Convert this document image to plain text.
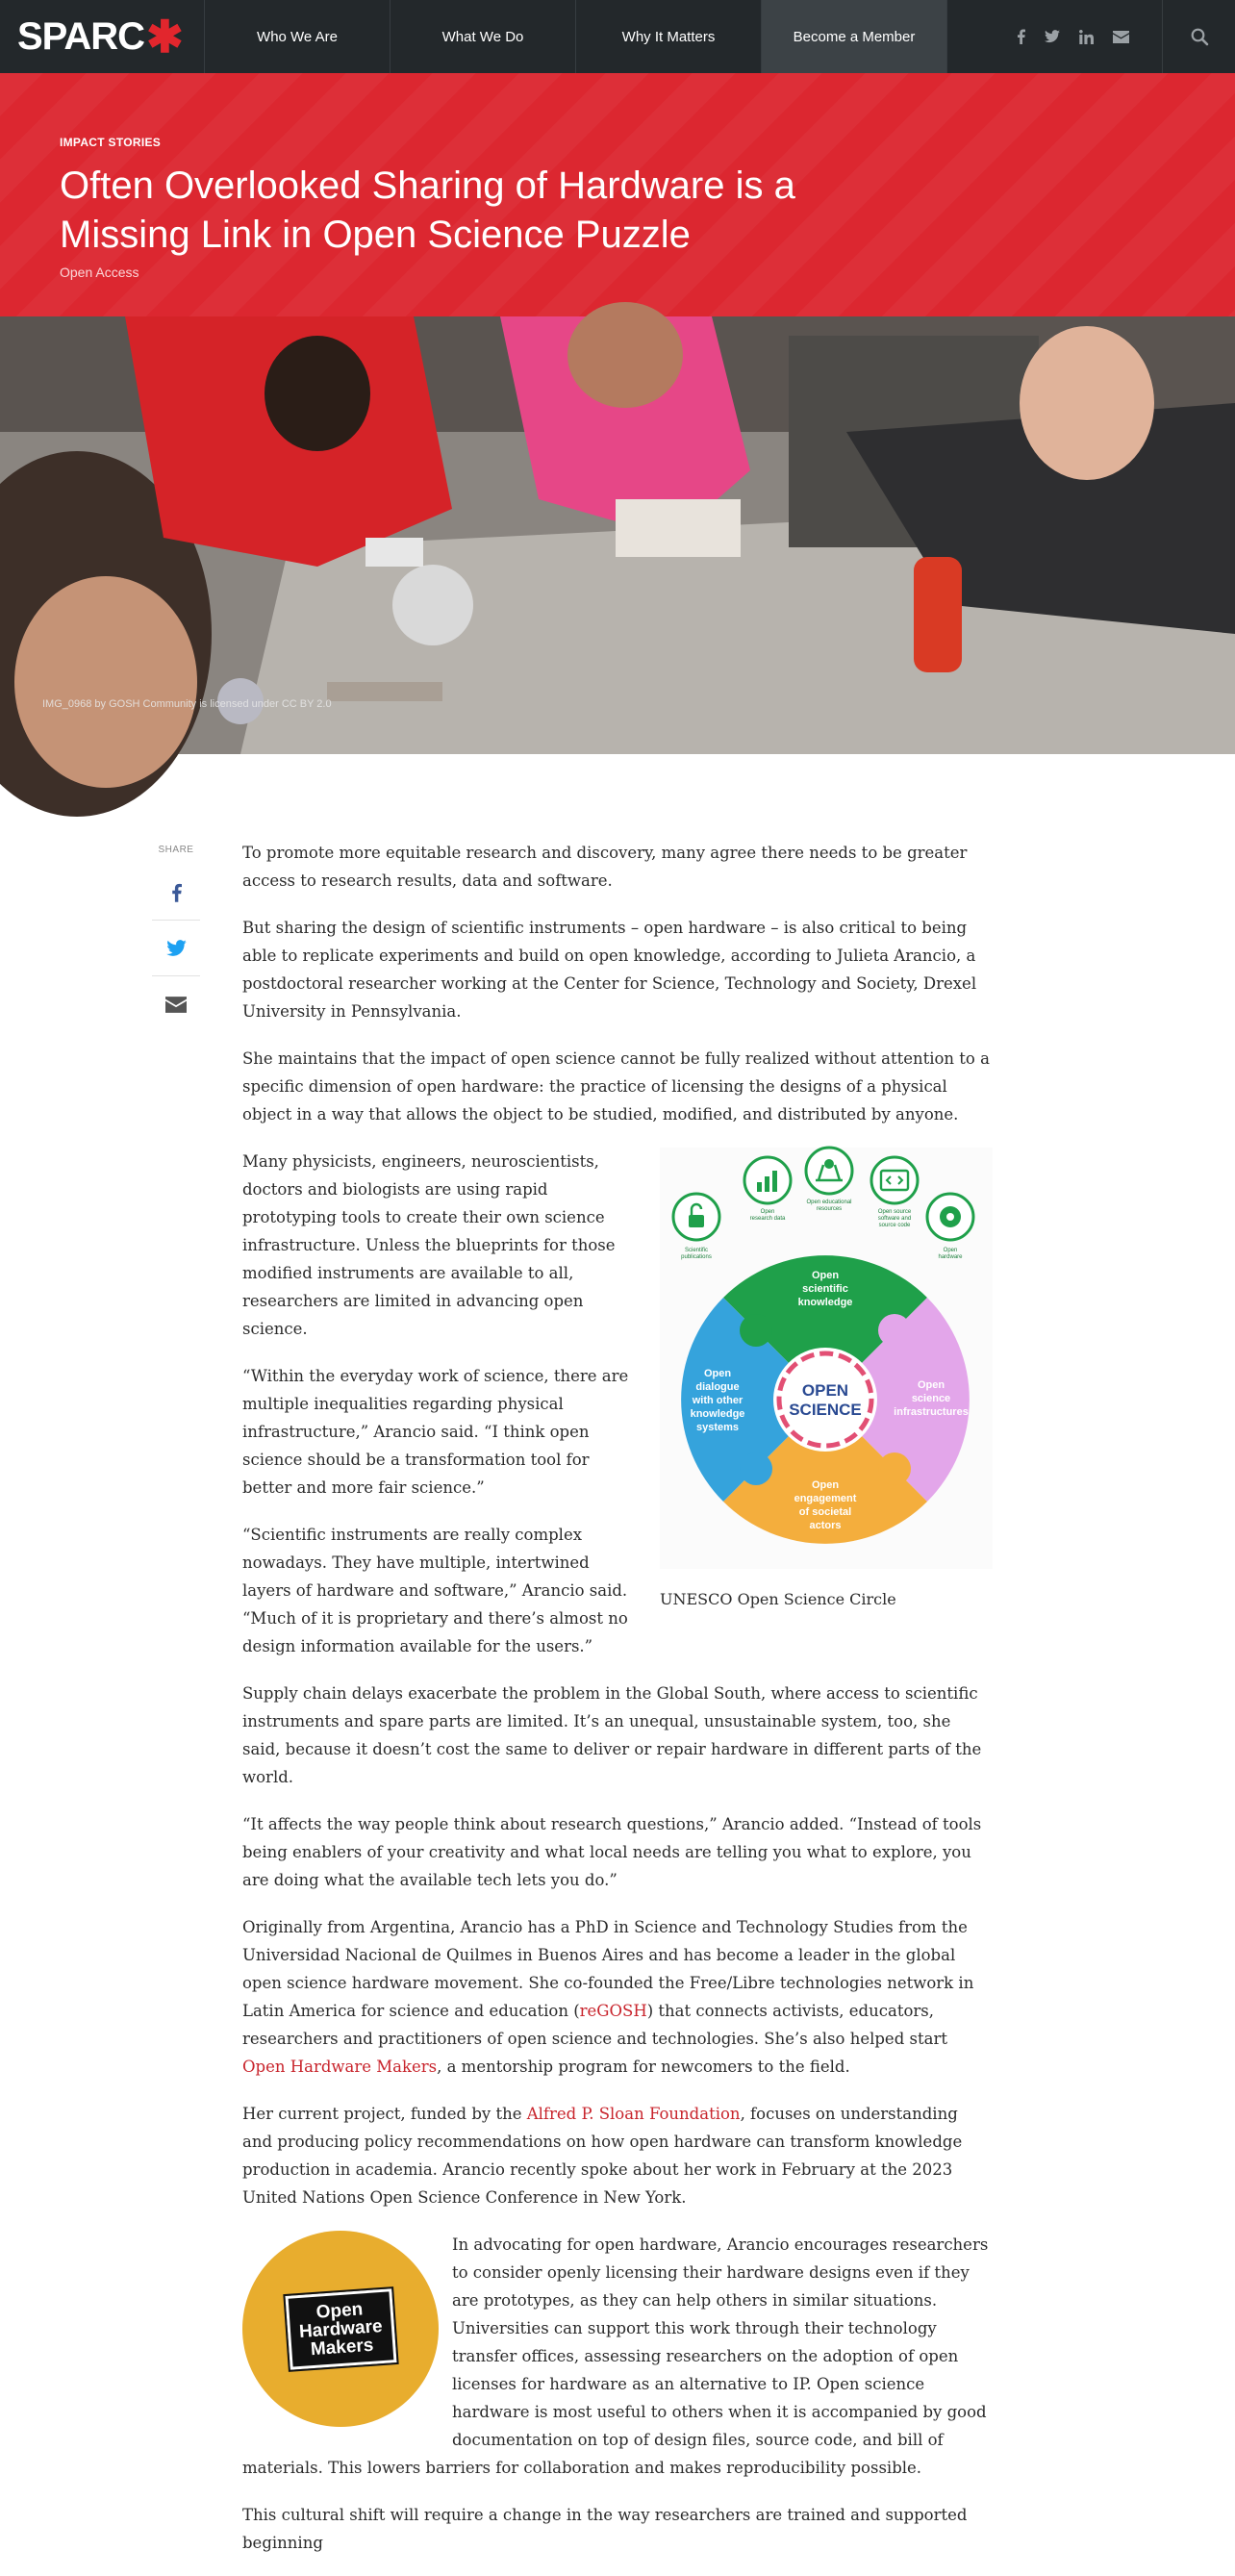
SPARC ✱	Who We Are	What We Do	Why It Matters	Become a Member
IMPACT STORIES
Often Overlooked Sharing of Hardware is a Missing Link in Open Science Puzzle
Open Access
IMG_0968 by GOSH Community is licensed under CC BY 2.0
SHARE	To promote more equitable research and discovery, many agree there needs to be greater access to research results, data and software.

But sharing the design of scientific instruments – open hardware – is also critical to being able to replicate experiments and build on open knowledge, according to Julieta Arancio, a postdoctoral researcher working at the Center for Science, Technology and Society, Drexel University in Pennsylvania.

She maintains that the impact of open science cannot be fully realized without attention to a specific dimension of open hardware: the practice of licensing the designs of a physical object in a way that allows the object to be studied, modified, and distributed by anyone.

Scientific
publications
Open
research data
Open educational
resources	Open source
software and
source code
Open
hardware
Open
scientific
knowledge
Open
science
infrastructures
Open
engagement
of societal
actors
Open
dialogue
with other
knowledge
systems
OPEN
SCIENCE
UNESCO Open Science Circle

Many physicists, engineers, neuroscientists, doctors and biologists are using rapid prototyping tools to create their own science infrastructure. Unless the blueprints for those modified instruments are available to all, researchers are limited in advancing open science.

“Within the everyday work of science, there are multiple inequalities regarding physical infrastructure,” Arancio said. “I think open science should be a transformation tool for better and more fair science.”

“Scientific instruments are really complex nowadays. They have multiple, intertwined layers of hardware and software,” Arancio said. “Much of it is proprietary and there’s almost no design information available for the users.”

Supply chain delays exacerbate the problem in the Global South, where access to scientific instruments and spare parts are limited. It’s an unequal, unsustainable system, too, she said, because it doesn’t cost the same to deliver or repair hardware in different parts of the world.

“It affects the way people think about research questions,” Arancio added. “Instead of tools being enablers of your creativity and what local needs are telling you what to explore, you are doing what the available tech lets you do.”

Originally from Argentina, Arancio has a PhD in Science and Technology Studies from the Universidad Nacional de Quilmes in Buenos Aires and has become a leader in the global open science hardware movement. She co-founded the Free/Libre technologies network in Latin America for science and education (reGOSH) that connects activists, educators, researchers and practitioners of open science and technologies. She’s also helped start Open Hardware Makers, a mentorship program for newcomers to the field.

Her current project, funded by the Alfred P. Sloan Foundation, focuses on understanding and producing policy recommendations on how open hardware can transform knowledge production in academia. Arancio recently spoke about her work in February at the 2023 United Nations Open Science Conference in New York.

Open
Hardware
Makers

In advocating for open hardware, Arancio encourages researchers to consider openly licensing their hardware designs even if they are prototypes, as they can help others in similar situations. Universities can support this work through their technology transfer offices, assessing researchers on the adoption of open licenses for hardware as an alternative to IP. Open science hardware is most useful to others when it is accompanied by good documentation on top of design files, source code, and bill of materials. This lowers barriers for collaboration and makes reproducibility possible.

This cultural shift will require a change in the way researchers are trained and supported beginning
